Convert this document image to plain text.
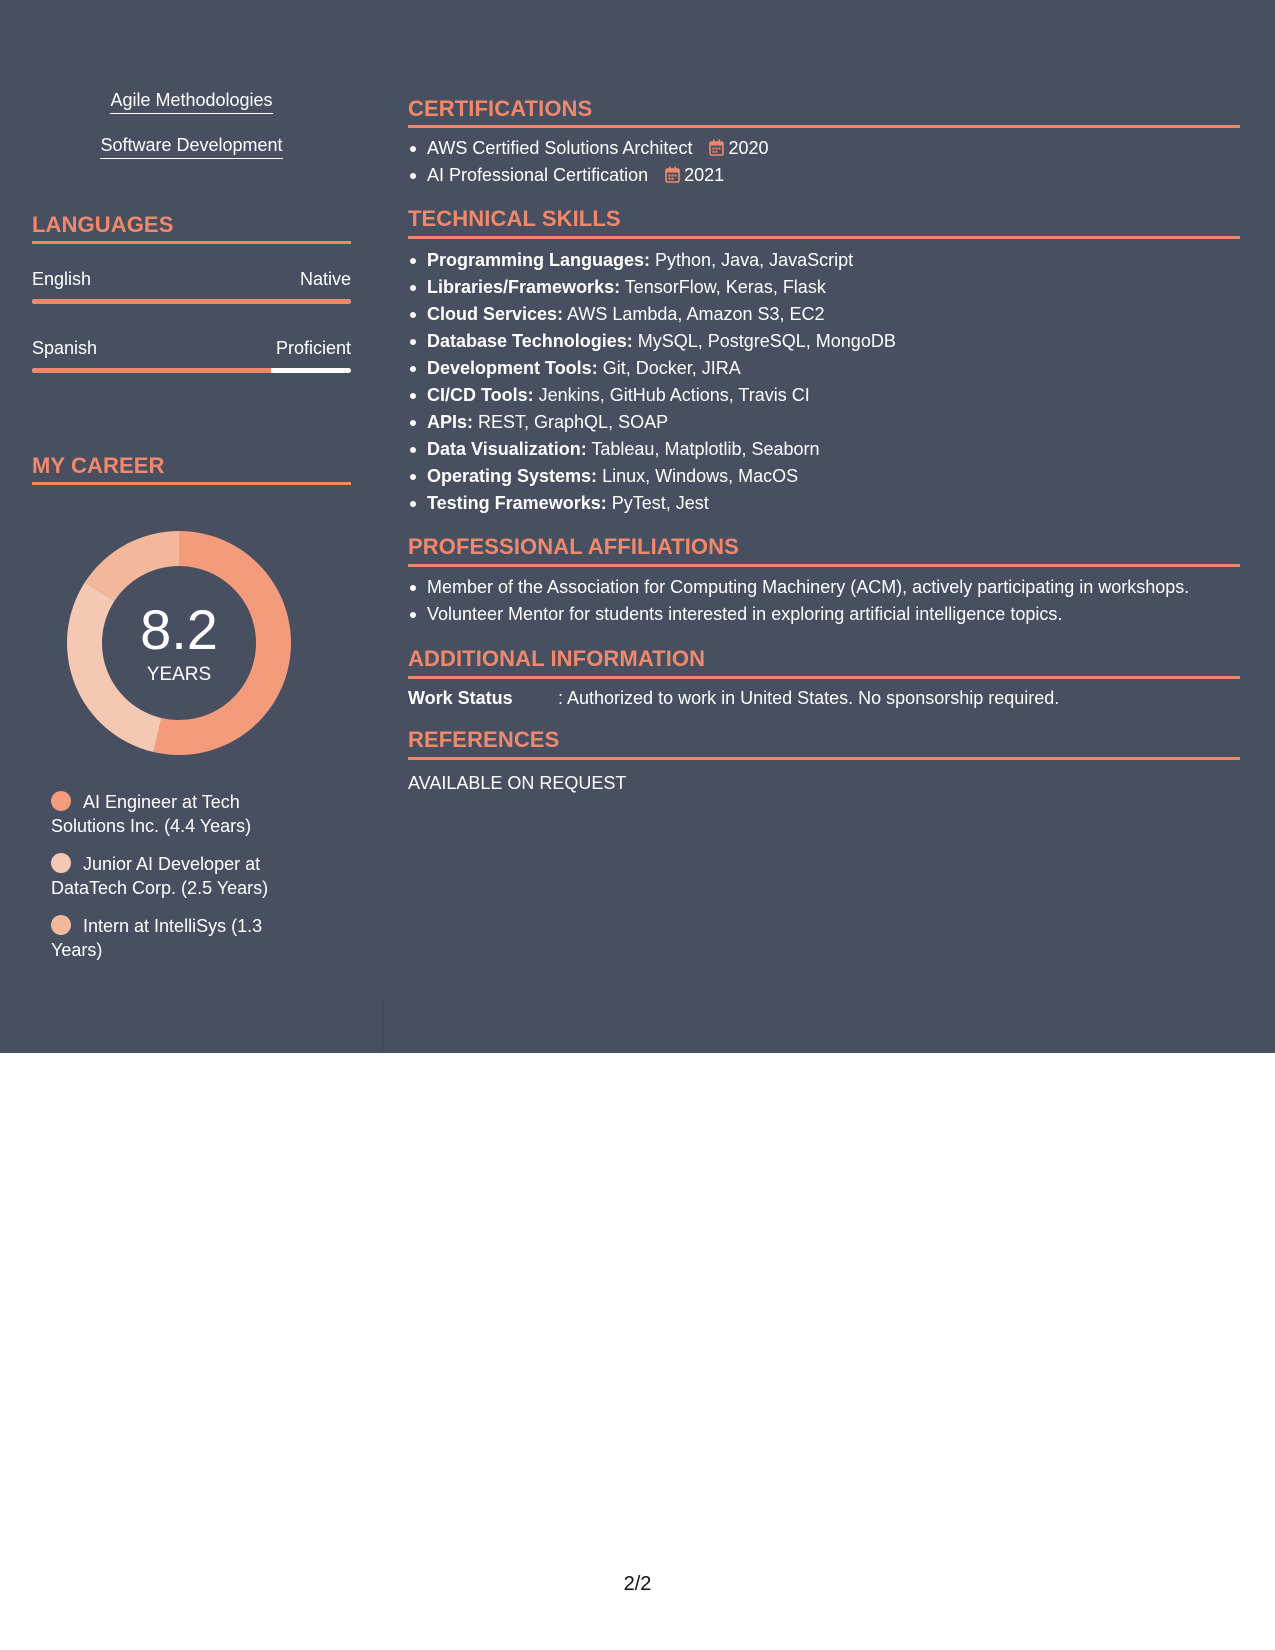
Agile Methodologies
Software Development
LANGUAGES
English	Native
Spanish	Proficient
MY CAREER
8.2
YEARS
AI Engineer at Tech Solutions Inc. (4.4 Years)
Junior AI Developer at DataTech Corp. (2.5 Years)
Intern at IntelliSys (1.3 Years)
CERTIFICATIONS
AWS Certified Solutions Architect 2020
AI Professional Certification 2021
TECHNICAL SKILLS
Programming Languages: Python, Java, JavaScript
Libraries/Frameworks: TensorFlow, Keras, Flask
Cloud Services: AWS Lambda, Amazon S3, EC2
Database Technologies: MySQL, PostgreSQL, MongoDB
Development Tools: Git, Docker, JIRA
CI/CD Tools: Jenkins, GitHub Actions, Travis CI
APIs: REST, GraphQL, SOAP
Data Visualization: Tableau, Matplotlib, Seaborn
Operating Systems: Linux, Windows, MacOS
Testing Frameworks: PyTest, Jest
PROFESSIONAL AFFILIATIONS
Member of the Association for Computing Machinery (ACM), actively participating in workshops.
Volunteer Mentor for students interested in exploring artificial intelligence topics.
ADDITIONAL INFORMATION
Work Status	: Authorized to work in United States. No sponsorship required.
REFERENCES
AVAILABLE ON REQUEST
2/2
